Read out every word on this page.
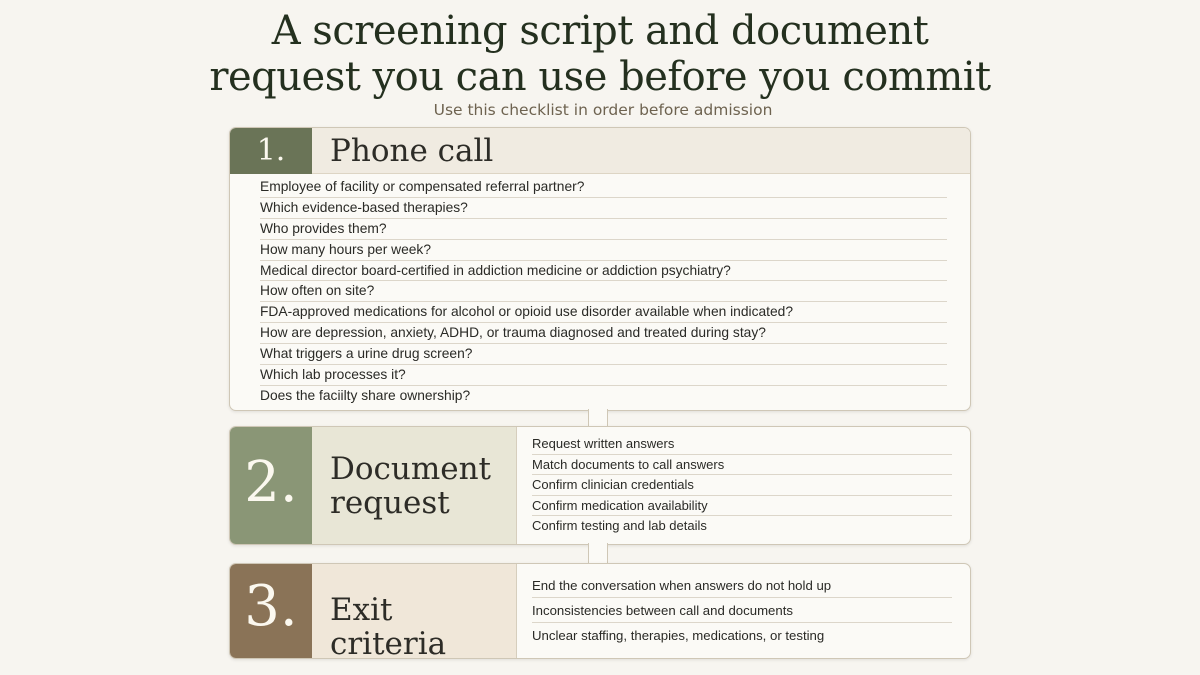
A screening script and document
request you can use before you commit
Use this checklist in order before admission
1.	Phone call
Employee of facility or compensated referral partner?
Which evidence-based therapies?
Who provides them?
How many hours per week?
Medical director board-certified in addiction medicine or addiction psychiatry?
How often on site?
FDA-approved medications for alcohol or opioid use disorder available when indicated?
How are depression, anxiety, ADHD, or trauma diagnosed and treated during stay?
What triggers a urine drug screen?
Which lab processes it?
Does the faciilty share ownership?
2.	Document
request
Request written answers
Match documents to call answers
Confirm clinician credentials
Confirm medication availability
Confirm testing and lab details
3.	Exit criteria
End the conversation when answers do not hold up
Inconsistencies between call and documents
Unclear staffing, therapies, medications, or testing
